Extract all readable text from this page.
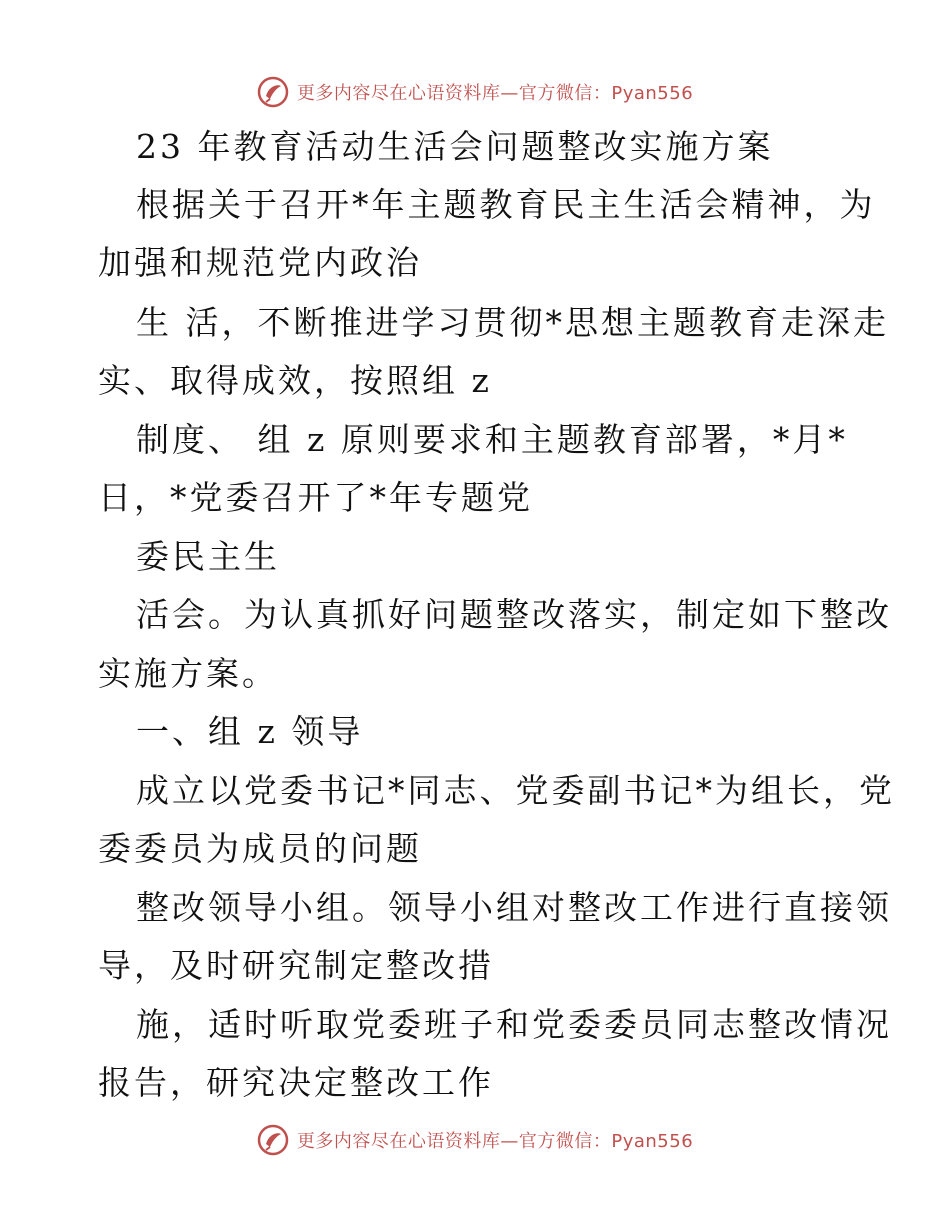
更多内容尽在心语资料库—官方微信：Pyan556
23 年教育活动生活会问题整改实施方案
根据关于召开*年主题教育民主生活会精神，为
加强和规范党内政治
生 活，不断推进学习贯彻*思想主题教育走深走
实、取得成效，按照组 z
制度、 组 z 原则要求和主题教育部署，*月*
日，*党委召开了*年专题党
委民主生
活会。为认真抓好问题整改落实，制定如下整改
实施方案。
一、组 z 领导
成立以党委书记*同志、党委副书记*为组长，党
委委员为成员的问题
整改领导小组。领导小组对整改工作进行直接领
导，及时研究制定整改措
施，适时听取党委班子和党委委员同志整改情况
报告，研究决定整改工作
更多内容尽在心语资料库—官方微信：Pyan556
